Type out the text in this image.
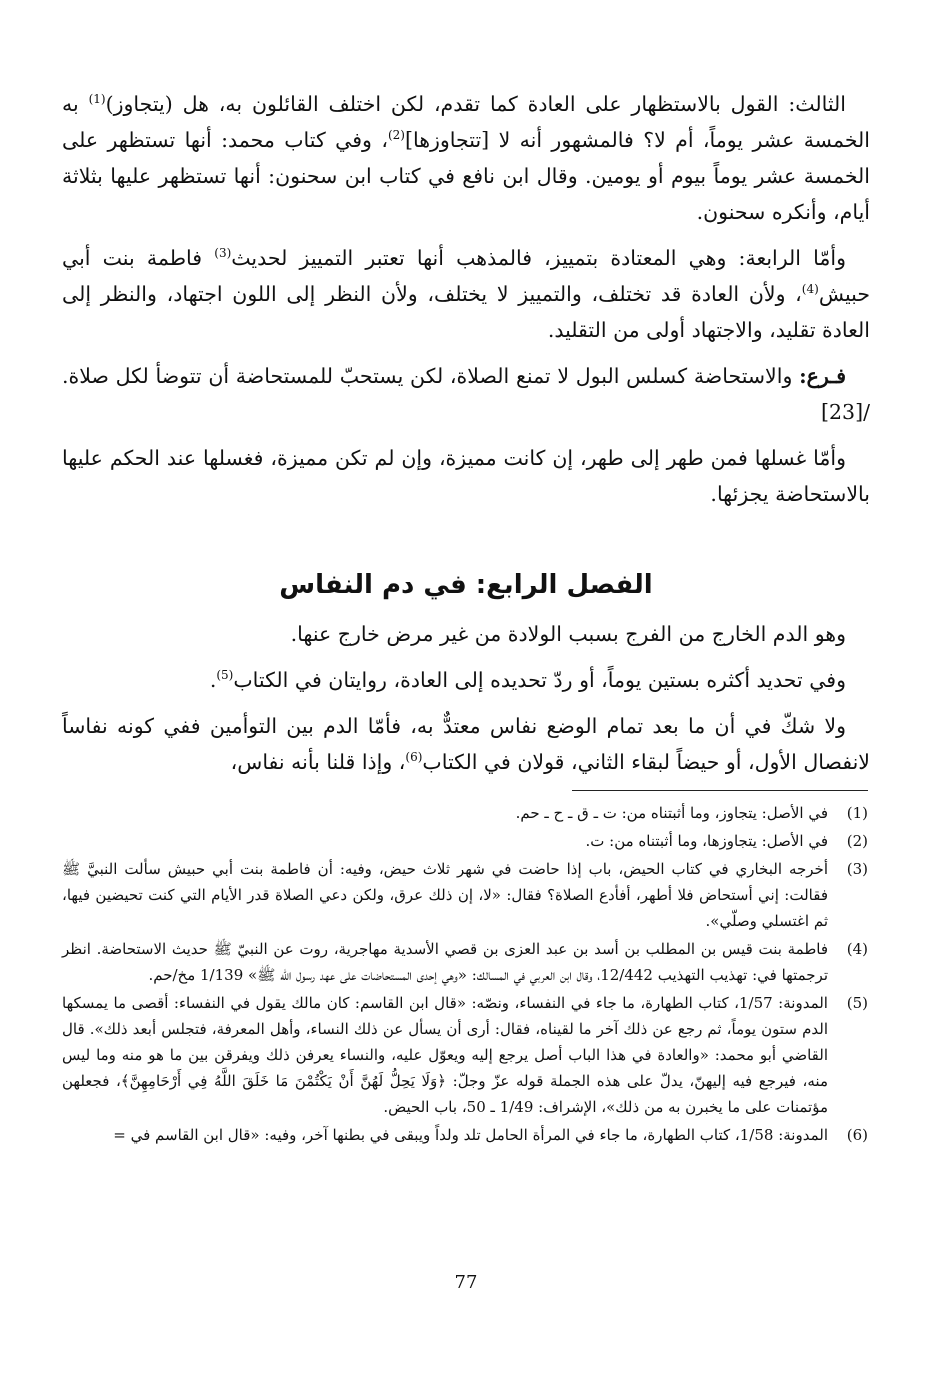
الثالث: القول بالاستظهار على العادة كما تقدم، لكن اختلف القائلون به، هل (يتجاوز)$^{(1)}$ به الخمسة عشر يوماً، أم لا؟ فالمشهور أنه لا [تتجاوزها]$^{(2)}$، وفي كتاب محمد: أنها تستظهر على الخمسة عشر يوماً بيوم أو يومين. وقال ابن نافع في كتاب ابن سحنون: أنها تستظهر عليها بثلاثة أيام، وأنكره سحنون.

وأمّا الرابعة: وهي المعتادة بتمييز، فالمذهب أنها تعتبر التمييز لحديث$^{(3)}$ فاطمة بنت أبي حبيش$^{(4)}$، ولأن العادة قد تختلف، والتمييز لا يختلف، ولأن النظر إلى اللون اجتهاد، والنظر إلى العادة تقليد، والاجتهاد أولى من التقليد.

فـرع: والاستحاضة كسلس البول لا تمنع الصلاة، لكن يستحبّ للمستحاضة أن تتوضأ لكل صلاة. /[23]

وأمّا غسلها فمن طهر إلى طهر، إن كانت مميزة، وإن لم تكن مميزة، فغسلها عند الحكم عليها بالاستحاضة يجزئها.

الفصل الرابع: في دم النفاس

وهو الدم الخارج من الفرج بسبب الولادة من غير مرض خارج عنها.

وفي تحديد أكثره بستين يوماً، أو ردّ تحديده إلى العادة، روايتان في الكتاب$^{(5)}$.

ولا شكّ في أن ما بعد تمام الوضع نفاس معتدٌّ به، فأمّا الدم بين التوأمين ففي كونه نفاساً لانفصال الأول، أو حيضاً لبقاء الثاني، قولان في الكتاب$^{(6)}$، وإذا قلنا بأنه نفاس،

(1)
في الأصل: يتجاوز، وما أثبتناه من: ت ـ ق ـ ح ـ حم.
(2)
في الأصل: يتجاوزها، وما أثبتناه من: ت.
(3)
أخرجه البخاري في كتاب الحيض، باب إذا حاضت في شهر ثلاث حيض، وفيه: أن فاطمة بنت أبي حبيش سألت النبيَّ ﷺ فقالت: إني أستحاض فلا أطهر، أفأدع الصلاة؟ فقال: «لا، إن ذلك عرق، ولكن دعي الصلاة قدر الأيام التي كنت تحيضين فيها، ثم اغتسلي وصلّي».
(4)
فاطمة بنت قيس بن المطلب بن أسد بن عبد العزى بن قصي الأسدية مهاجرية، روت عن النبيّ ﷺ حديث الاستحاضة. انظر ترجمتها في: تهذيب التهذيب 12/442، وقال ابن العربي في المسالك: «وهي إحدى المستحاضات على عهد رسول الله ﷺ» 1/139 مخ/حم.
(5)
المدونة: 1/57، كتاب الطهارة، ما جاء في النفساء، ونصّه: «قال ابن القاسم: كان مالك يقول في النفساء: أقصى ما يمسكها الدم ستون يوماً، ثم رجع عن ذلك آخر ما لقيناه، فقال: أرى أن يسأل عن ذلك النساء، وأهل المعرفة، فتجلس أبعد ذلك». قال القاضي أبو محمد: «والعادة في هذا الباب أصل يرجع إليه ويعوّل عليه، والنساء يعرفن ذلك ويفرقن بين ما هو منه وما ليس منه، فيرجع فيه إليهنّ، يدلّ على هذه الجملة قوله عزّ وجلّ: ﴿وَلَا يَحِلُّ لَهُنَّ أَنْ يَكْتُمْنَ مَا خَلَقَ اللَّهُ فِي أَرْحَامِهِنَّ﴾، فجعلهن مؤتمنات على ما يخبرن به من ذلك»، الإشراف: 1/49 ـ 50، باب الحيض.
(6)
المدونة: 1/58، كتاب الطهارة، ما جاء في المرأة الحامل تلد ولداً ويبقى في بطنها آخر، وفيه: «قال ابن القاسم في =
77
